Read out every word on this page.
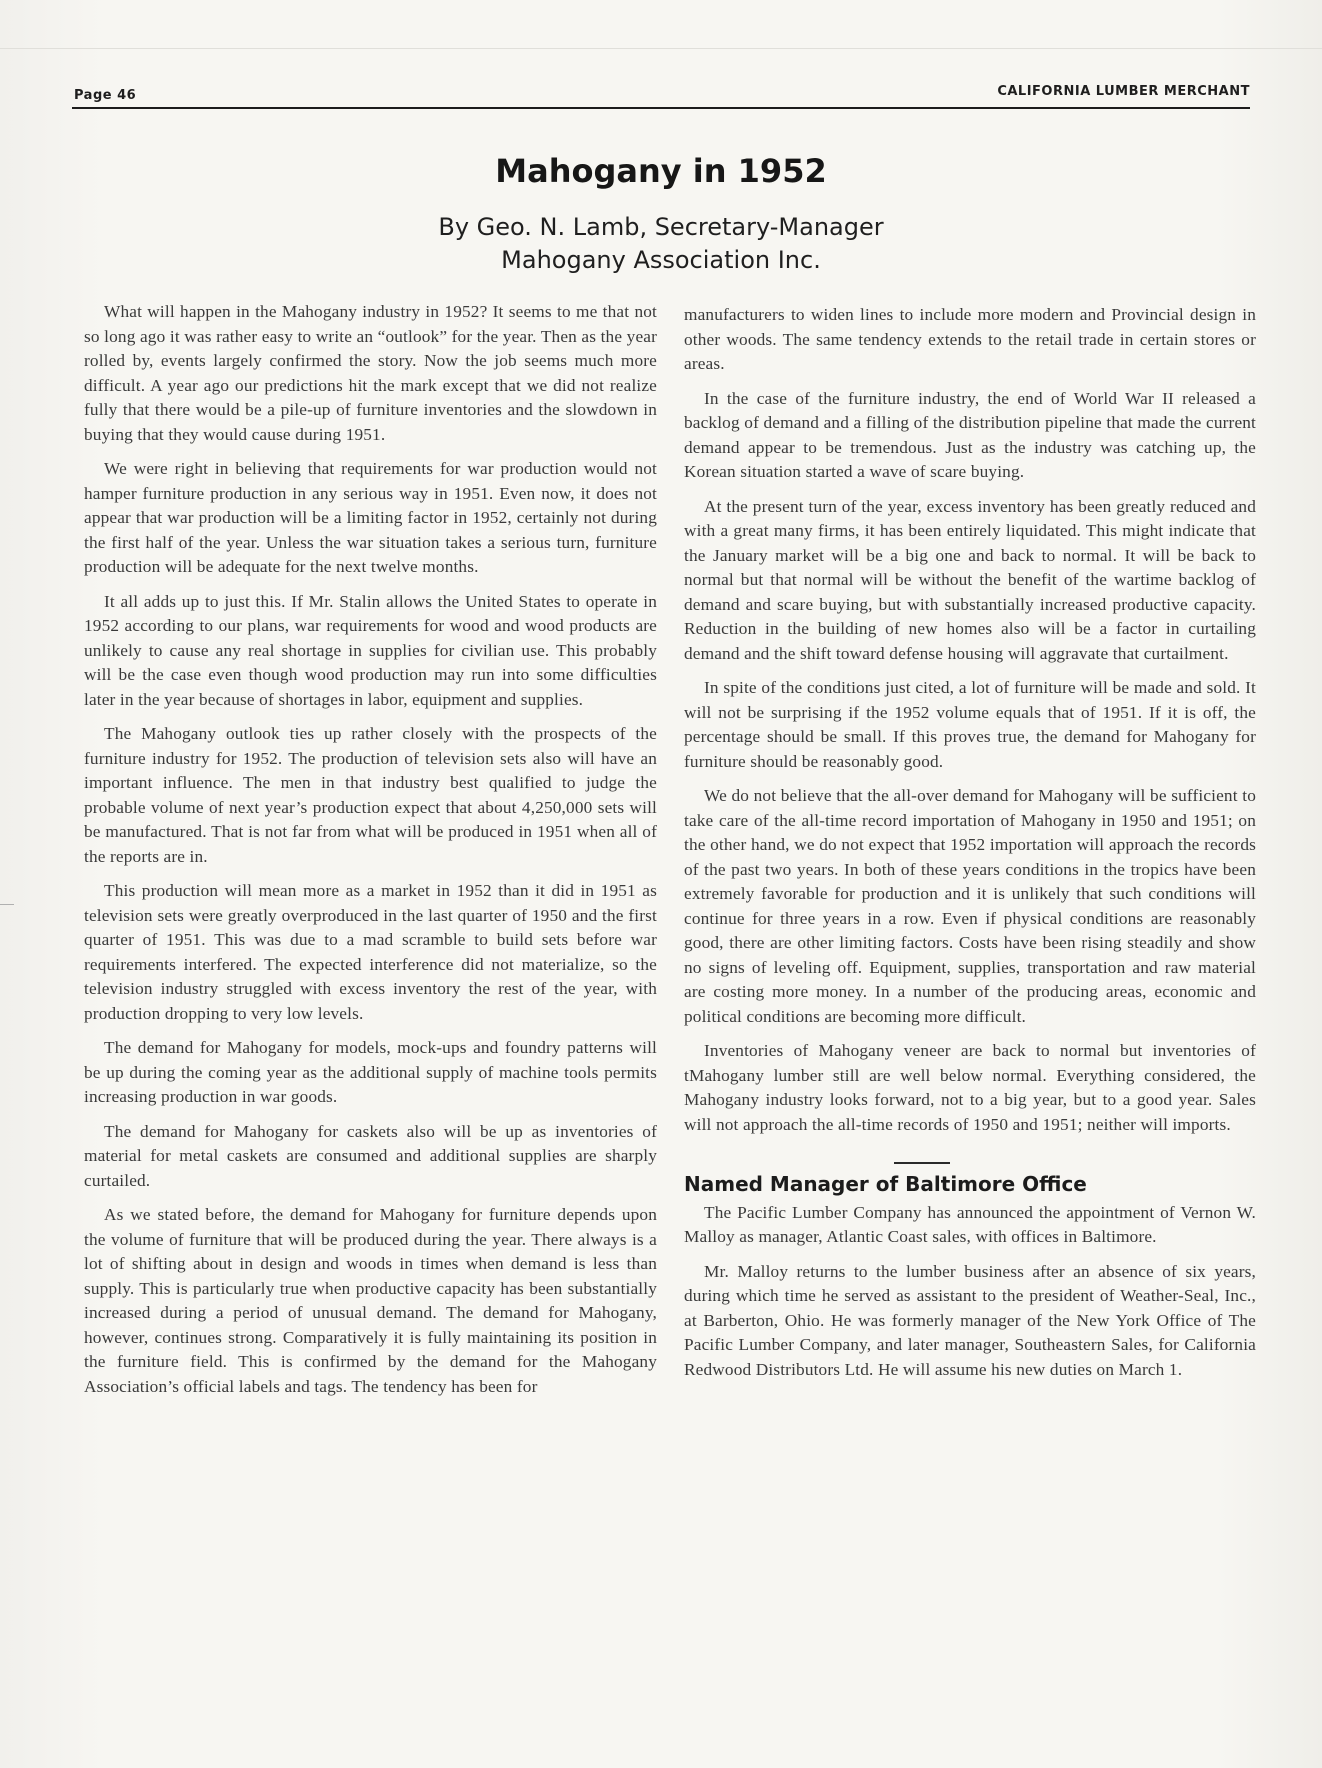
Page 46	CALIFORNIA LUMBER MERCHANT
Mahogany in 1952
By Geo. N. Lamb, Secretary-Manager
Mahogany Association Inc.

What will happen in the Mahogany industry in 1952? It seems to me that not so long ago it was rather easy to write an “outlook” for the year. Then as the year rolled by, events largely confirmed the story. Now the job seems much more difficult. A year ago our predictions hit the mark except that we did not realize fully that there would be a pile-up of furniture inventories and the slowdown in buying that they would cause during 1951.

We were right in believing that requirements for war production would not hamper furniture production in any serious way in 1951. Even now, it does not appear that war production will be a limiting factor in 1952, certainly not during the first half of the year. Unless the war situation takes a serious turn, furniture production will be adequate for the next twelve months.

It all adds up to just this. If Mr. Stalin allows the United States to operate in 1952 according to our plans, war requirements for wood and wood products are unlikely to cause any real shortage in supplies for civilian use. This probably will be the case even though wood production may run into some difficulties later in the year because of shortages in labor, equipment and supplies.

The Mahogany outlook ties up rather closely with the prospects of the furniture industry for 1952. The production of television sets also will have an important influence. The men in that industry best qualified to judge the probable volume of next year’s production expect that about 4,250,000 sets will be manufactured. That is not far from what will be produced in 1951 when all of the reports are in.

This production will mean more as a market in 1952 than it did in 1951 as television sets were greatly overproduced in the last quarter of 1950 and the first quarter of 1951. This was due to a mad scramble to build sets before war requirements interfered. The expected interference did not materialize, so the television industry struggled with excess inventory the rest of the year, with production dropping to very low levels.

The demand for Mahogany for models, mock-ups and foundry patterns will be up during the coming year as the additional supply of machine tools permits increasing production in war goods.

The demand for Mahogany for caskets also will be up as inventories of material for metal caskets are consumed and additional supplies are sharply curtailed.

As we stated before, the demand for Mahogany for furniture depends upon the volume of furniture that will be produced during the year. There always is a lot of shifting about in design and woods in times when demand is less than supply. This is particularly true when productive capacity has been substantially increased during a period of unusual demand. The demand for Mahogany, however, continues strong. Comparatively it is fully maintaining its position in the furniture field. This is confirmed by the demand for the Mahogany Association’s official labels and tags. The tendency has been for

manufacturers to widen lines to include more modern and Provincial design in other woods. The same tendency extends to the retail trade in certain stores or areas.

In the case of the furniture industry, the end of World War II released a backlog of demand and a filling of the distribution pipeline that made the current demand appear to be tremendous. Just as the industry was catching up, the Korean situation started a wave of scare buying.

At the present turn of the year, excess inventory has been greatly reduced and with a great many firms, it has been entirely liquidated. This might indicate that the January market will be a big one and back to normal. It will be back to normal but that normal will be without the benefit of the wartime backlog of demand and scare buying, but with substantially increased productive capacity. Reduction in the building of new homes also will be a factor in curtailing demand and the shift toward defense housing will aggravate that curtailment.

In spite of the conditions just cited, a lot of furniture will be made and sold. It will not be surprising if the 1952 volume equals that of 1951. If it is off, the percentage should be small. If this proves true, the demand for Mahogany for furniture should be reasonably good.

We do not believe that the all-over demand for Mahogany will be sufficient to take care of the all-time record importation of Mahogany in 1950 and 1951; on the other hand, we do not expect that 1952 importation will approach the records of the past two years. In both of these years conditions in the tropics have been extremely favorable for production and it is unlikely that such conditions will continue for three years in a row. Even if physical conditions are reasonably good, there are other limiting factors. Costs have been rising steadily and show no signs of leveling off. Equipment, supplies, transportation and raw material are costing more money. In a number of the producing areas, economic and political conditions are becoming more difficult.

Inventories of Mahogany veneer are back to normal but inventories of tMahogany lumber still are well below normal. Everything considered, the Mahogany industry looks forward, not to a big year, but to a good year. Sales will not approach the all-time records of 1950 and 1951; neither will imports.

Named Manager of Baltimore Office

The Pacific Lumber Company has announced the appointment of Vernon W. Malloy as manager, Atlantic Coast sales, with offices in Baltimore.

Mr. Malloy returns to the lumber business after an absence of six years, during which time he served as assistant to the president of Weather-Seal, Inc., at Barberton, Ohio. He was formerly manager of the New York Office of The Pacific Lumber Company, and later manager, Southeastern Sales, for California Redwood Distributors Ltd. He will assume his new duties on March 1.
